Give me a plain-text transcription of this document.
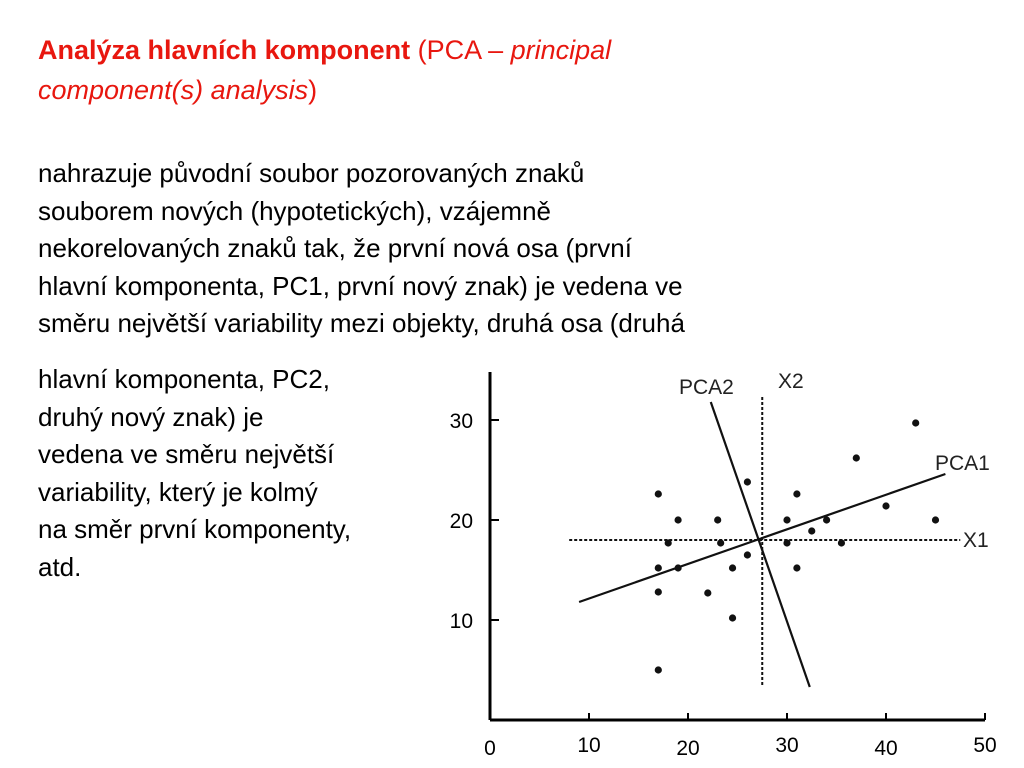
Analýza hlavních komponent (PCA – principal
component(s) analysis)
nahrazuje původní soubor pozorovaných znaků
souborem nových (hypotetických), vzájemně
nekorelovaných znaků tak, že první nová osa (první
hlavní komponenta, PC1, první nový znak) je vedena ve
směru největší variability mezi objekty, druhá osa (druhá
hlavní komponenta, PC2,
druhý nový znak) je
vedena ve směru největší
variability, který je kolmý
na směr první komponenty,
atd.
0	10	20	30	40	50
10
20
30
X1
X2
PCA1
PCA2
